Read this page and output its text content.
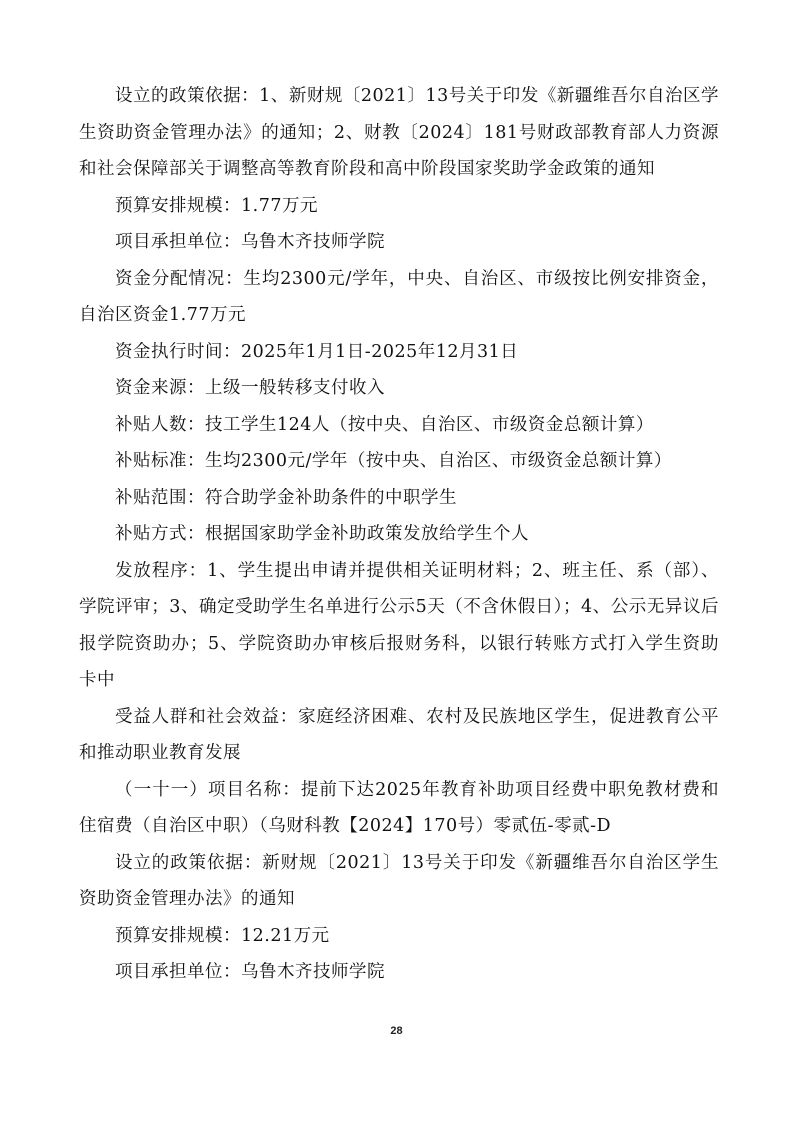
设立的政策依据：1、新财规〔2021〕13号关于印发《新疆维吾尔自治区学生资助资金管理办法》的通知；2、财教〔2024〕181号财政部教育部人力资源和社会保障部关于调整高等教育阶段和高中阶段国家奖助学金政策的通知

预算安排规模：1.77万元

项目承担单位：乌鲁木齐技师学院

资金分配情况：生均2300元/学年，中央、自治区、市级按比例安排资金，自治区资金1.77万元

资金执行时间：2025年1月1日-2025年12月31日

资金来源：上级一般转移支付收入

补贴人数：技工学生124人（按中央、自治区、市级资金总额计算）

补贴标准：生均2300元/学年（按中央、自治区、市级资金总额计算）

补贴范围：符合助学金补助条件的中职学生

补贴方式：根据国家助学金补助政策发放给学生个人

发放程序：1、学生提出申请并提供相关证明材料；2、班主任、系（部）、学院评审；3、确定受助学生名单进行公示5天（不含休假日）；4、公示无异议后报学院资助办；5、学院资助办审核后报财务科，以银行转账方式打入学生资助卡中

受益人群和社会效益：家庭经济困难、农村及民族地区学生，促进教育公平和推动职业教育发展

（一十一）项目名称：提前下达2025年教育补助项目经费中职免教材费和住宿费（自治区中职）（乌财科教【2024】170号）零贰伍-零贰-D

设立的政策依据：新财规〔2021〕13号关于印发《新疆维吾尔自治区学生资助资金管理办法》的通知

预算安排规模：12.21万元

项目承担单位：乌鲁木齐技师学院

28
